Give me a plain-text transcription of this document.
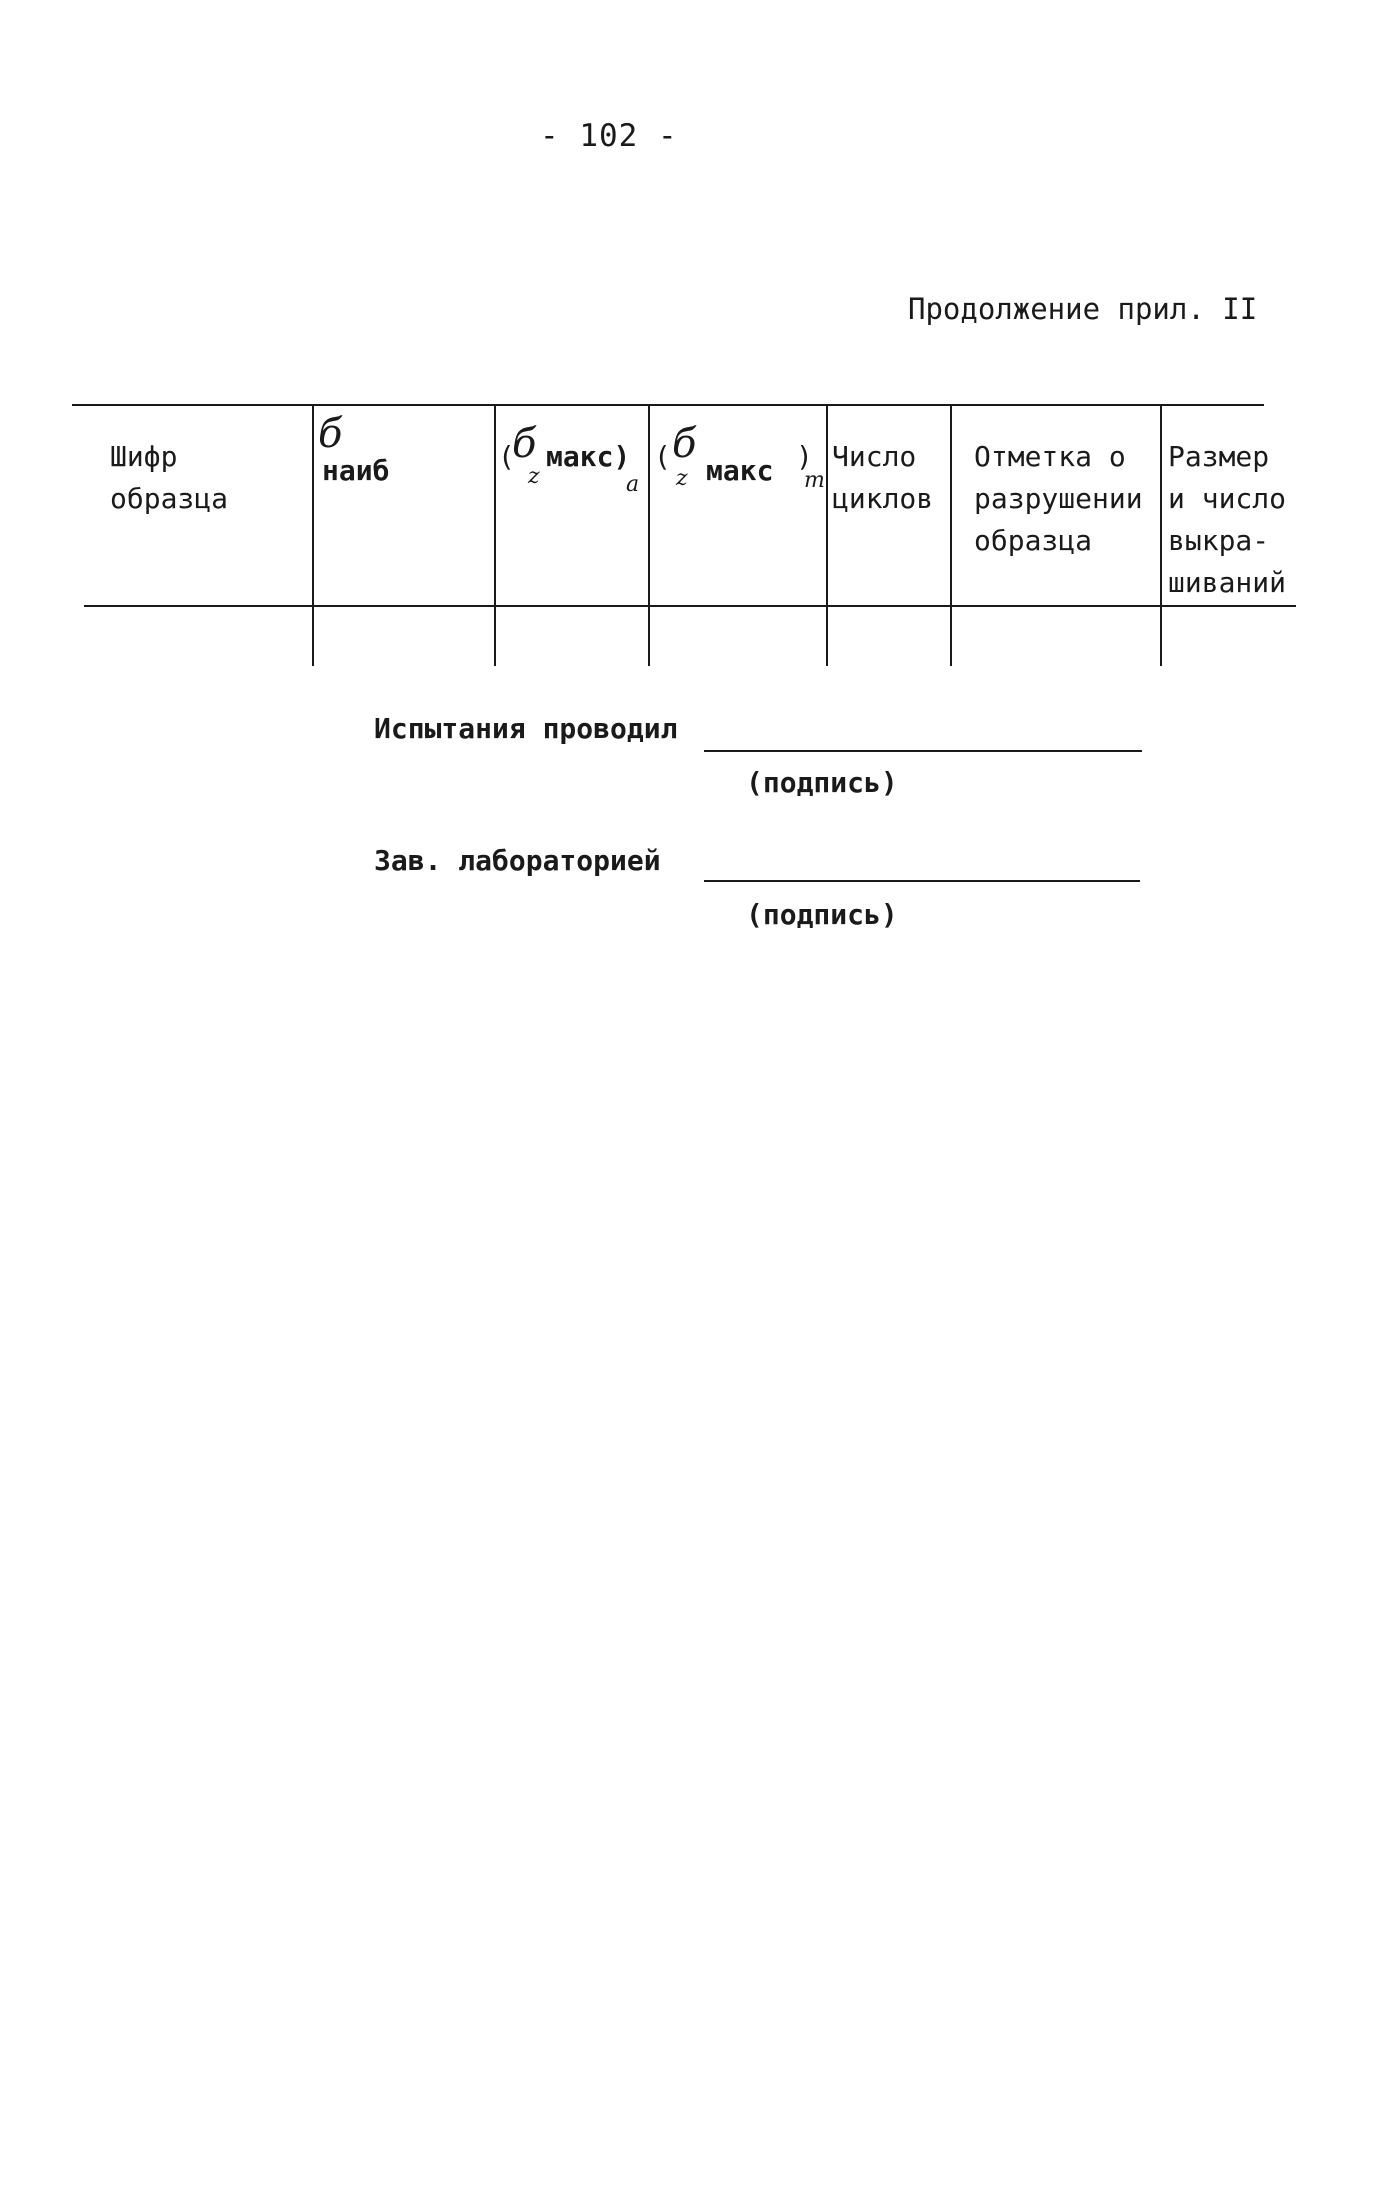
- 102 -
Продолжение прил. II
Шифр
образца
б
наиб	(
б
z
макс)
a
( б
z макс )
m
Число
циклов
Отметка о
разрушении
образца
Размер
и число
выкра-
шиваний
Испытания проводил
(подпись)
Зав. лабораторией
(подпись)
